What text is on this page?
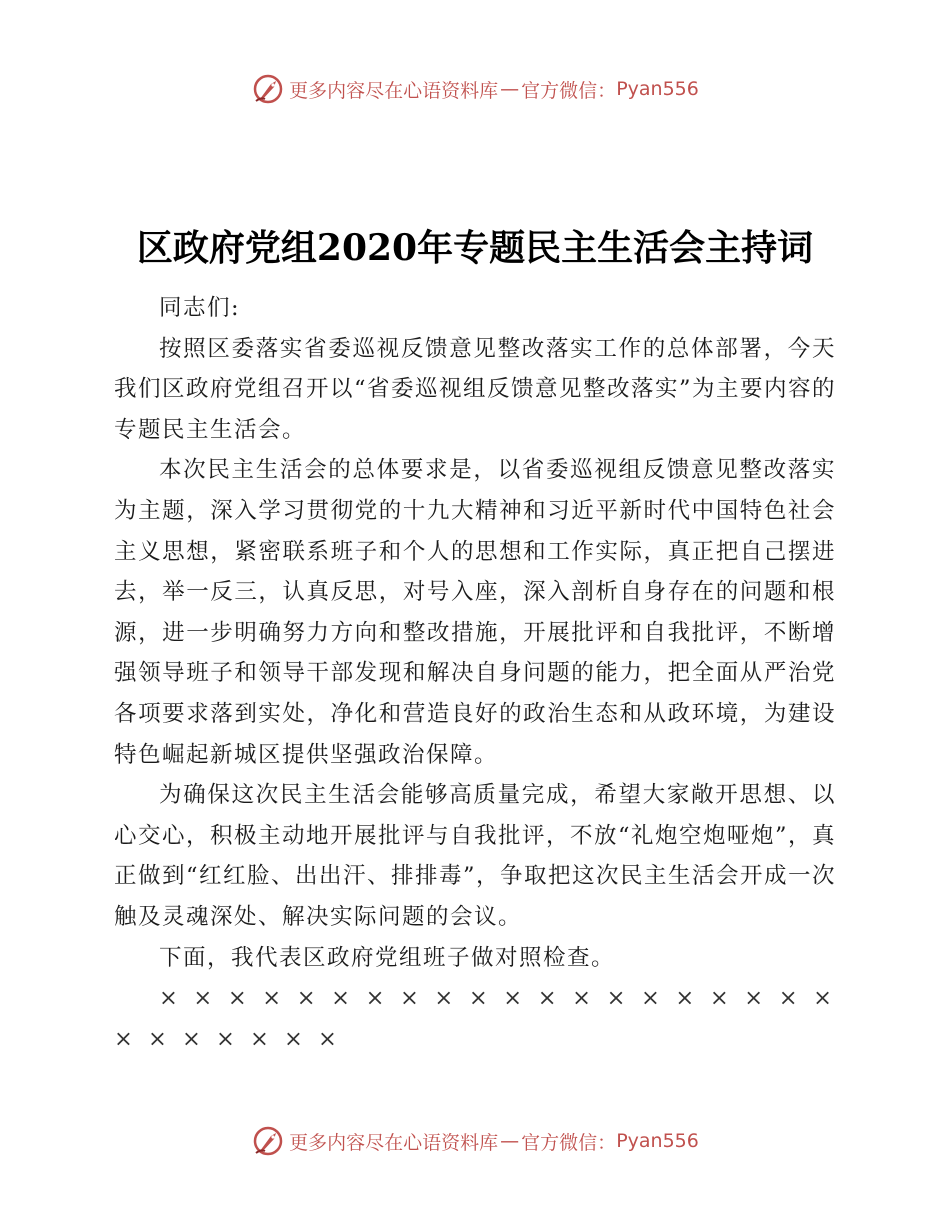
更多内容尽在心语资料库 — 官方微信： Pyan556
区政府党组2020年专题民主生活会主持词

同志们:

按照区委落实省委巡视反馈意见整改落实工作的总体部署，今天我们区政府党组召开以“省委巡视组反馈意见整改落实”为主要内容的专题民主生活会。

本次民主生活会的总体要求是，以省委巡视组反馈意见整改落实为主题，深入学习贯彻党的十九大精神和习近平新时代中国特色社会主义思想，紧密联系班子和个人的思想和工作实际，真正把自己摆进去，举一反三，认真反思，对号入座，深入剖析自身存在的问题和根源，进一步明确努力方向和整改措施，开展批评和自我批评，不断增强领导班子和领导干部发现和解决自身问题的能力，把全面从严治党各项要求落到实处，净化和营造良好的政治生态和从政环境，为建设特色崛起新城区提供坚强政治保障。

为确保这次民主生活会能够高质量完成，希望大家敞开思想、以心交心，积极主动地开展批评与自我批评，不放“礼炮空炮哑炮”，真正做到“红红脸、出出汗、排排毒”，争取把这次民主生活会开成一次触及灵魂深处、解决实际问题的会议。

下面，我代表区政府党组班子做对照检查。

× × × × × × × × × × × × × × × × × × × × × × × × × × ×

更多内容尽在心语资料库 — 官方微信： Pyan556
